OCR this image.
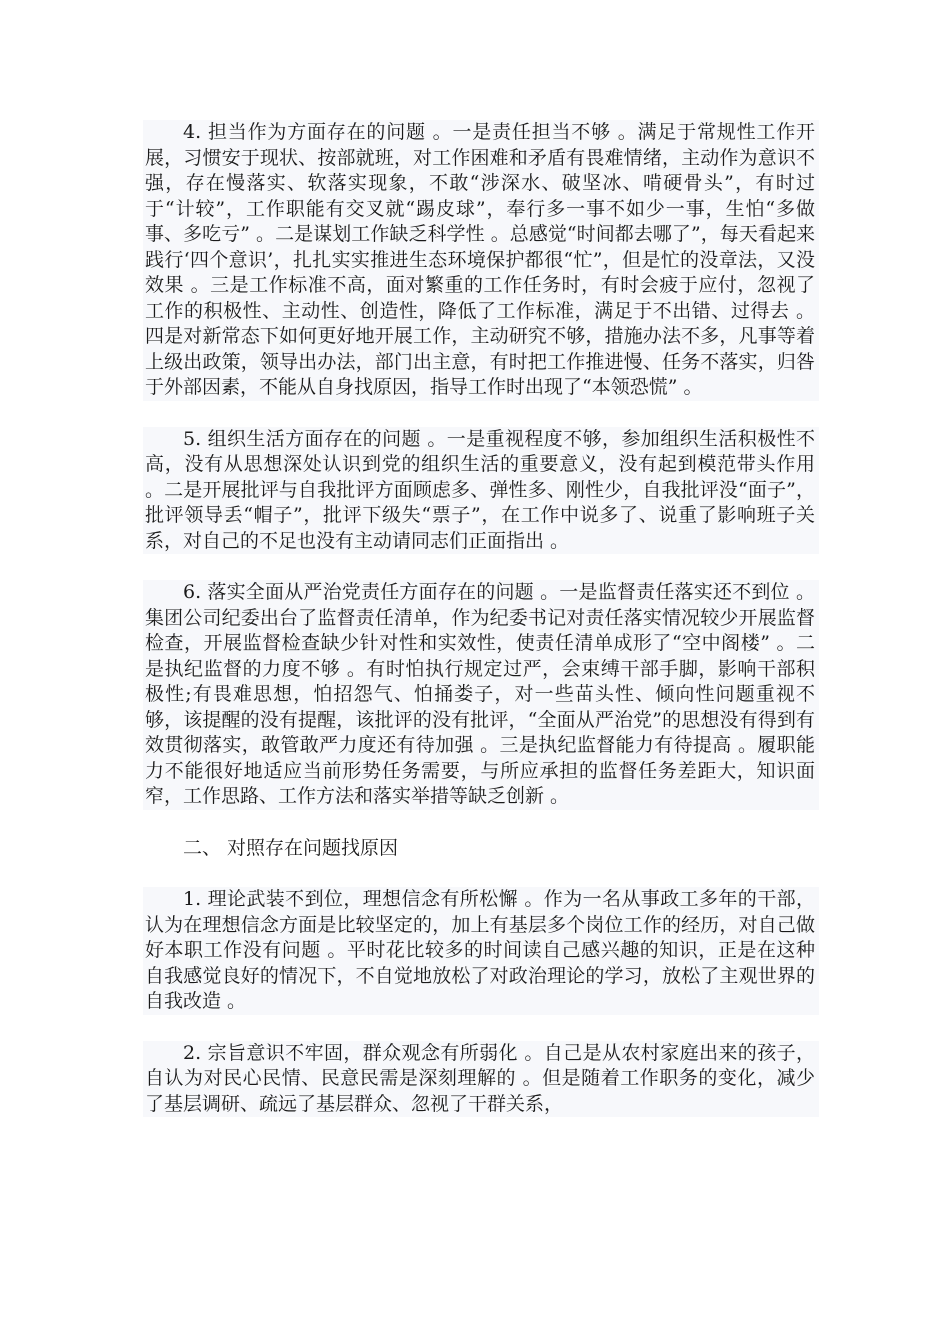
4. 担当作为方面存在的问题 。一是责任担当不够 。满足于常规性工作开展，习惯安于现状、按部就班，对工作困难和矛盾有畏难情绪，主动作为意识不强，存在慢落实、软落实现象，不敢“涉深水、破坚冰、啃硬骨头”，有时过于“计较”，工作职能有交叉就“踢皮球”，奉行多一事不如少一事，生怕“多做事、多吃亏” 。二是谋划工作缺乏科学性 。总感觉“时间都去哪了”，每天看起来践行‘四个意识’，扎扎实实推进生态环境保护都很“忙”，但是忙的没章法，又没效果 。三是工作标准不高，面对繁重的工作任务时，有时会疲于应付，忽视了工作的积极性、主动性、创造性，降低了工作标准，满足于不出错、过得去 。四是对新常态下如何更好地开展工作，主动研究不够，措施办法不多，凡事等着上级出政策，领导出办法，部门出主意，有时把工作推进慢、任务不落实，归咎于外部因素，不能从自身找原因，指导工作时出现了“本领恐慌” 。

5. 组织生活方面存在的问题 。一是重视程度不够，参加组织生活积极性不高，没有从思想深处认识到党的组织生活的重要意义，没有起到模范带头作用 。二是开展批评与自我批评方面顾虑多、弹性多、刚性少，自我批评没“面子”，批评领导丢“帽子”，批评下级失“票子”，在工作中说多了、说重了影响班子关系，对自己的不足也没有主动请同志们正面指出 。

6. 落实全面从严治党责任方面存在的问题 。一是监督责任落实还不到位 。集团公司纪委出台了监督责任清单，作为纪委书记对责任落实情况较少开展监督检查，开展监督检查缺少针对性和实效性，使责任清单成形了“空中阁楼” 。二是执纪监督的力度不够 。有时怕执行规定过严，会束缚干部手脚，影响干部积极性;有畏难思想，怕招怨气、怕捅娄子，对一些苗头性、倾向性问题重视不够，该提醒的没有提醒，该批评的没有批评，“全面从严治党”的思想没有得到有效贯彻落实，敢管敢严力度还有待加强 。三是执纪监督能力有待提高 。履职能力不能很好地适应当前形势任务需要，与所应承担的监督任务差距大，知识面窄，工作思路、工作方法和落实举措等缺乏创新 。

二、 对照存在问题找原因

1. 理论武装不到位，理想信念有所松懈 。作为一名从事政工多年的干部，认为在理想信念方面是比较坚定的，加上有基层多个岗位工作的经历，对自己做好本职工作没有问题 。平时花比较多的时间读自己感兴趣的知识，正是在这种自我感觉良好的情况下，不自觉地放松了对政治理论的学习，放松了主观世界的自我改造 。

2. 宗旨意识不牢固，群众观念有所弱化 。自己是从农村家庭出来的孩子，自认为对民心民情、民意民需是深刻理解的 。但是随着工作职务的变化，减少了基层调研、疏远了基层群众、忽视了干群关系，
